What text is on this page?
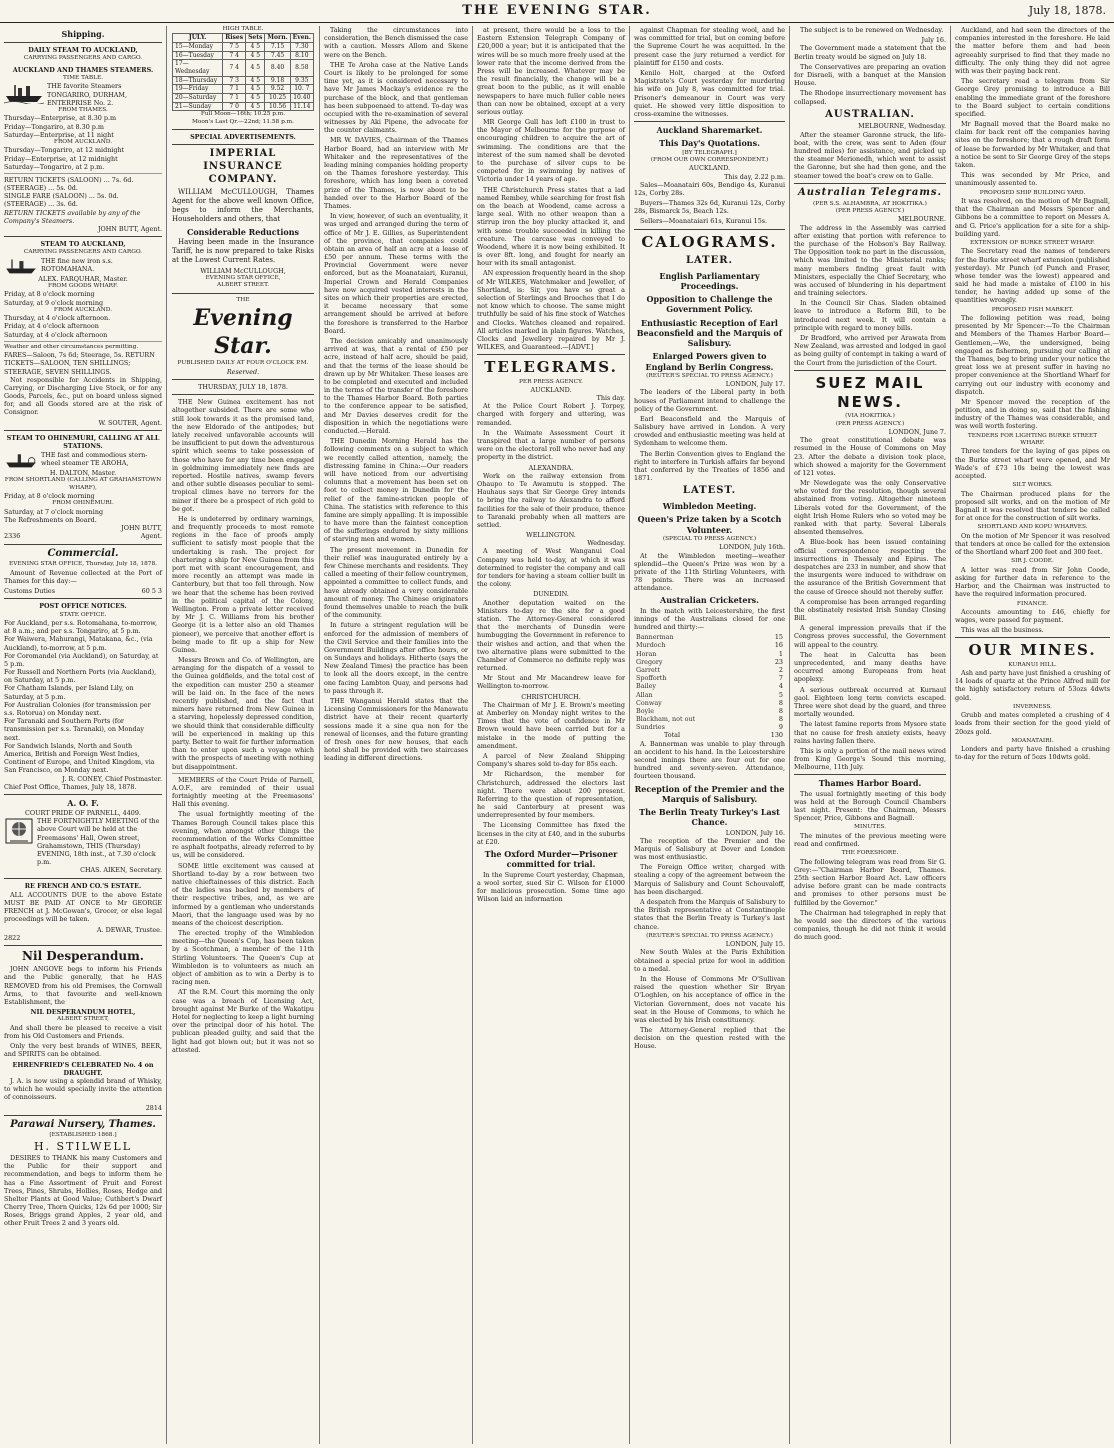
THE EVENING STAR.	July 18, 1878.
Shipping.
DAILY STEAM TO AUCKLAND,
CARRYING PASSENGERS AND CARGO.
AUCKLAND AND THAMES STEAMERS.
TIME TABLE.
THE favorite Steamers TONGARIRO, DURHAM, ENTERPRISE No. 2.
FROM THAMES.
Thursday—Enterprise, at 8.30 p.m
Friday—Tongariro, at 8.30 p.m
Saturday—Enterprise, at 11 night
FROM AUCKLAND.
Thursday—Tongariro, at 12 midnight
Friday—Enterprise, at 12 midnight
Saturday—Tongariro, at 2 p.m.
RETURN TICKETS (SALOON) ... 7s. 6d. (STEERAGE) ... 5s. 0d.
SINGLE FARE (SALOON) ... 5s. 0d. (STEERAGE) ... 3s. 6d.
RETURN TICKETS available by any of the Company's Steamers.
JOHN BUTT, Agent.
STEAM TO AUCKLAND,
CARRYING PASSENGERS AND CARGO.
THE fine new iron s.s. ROTOMAHANA.
ALEX. FARQUHAR, Master.
FROM GOODS WHARF.
Friday, at 8 o'clock morning
Saturday, at 9 o'clock morning
FROM AUCKLAND.
Thursday, at 4 o'clock afternoon.
Friday, at 4 o'clock afternoon
Saturday, at 4 o'clock afternoon
Weather and other circumstances permitting.
FARES—Saloon, 7s 6d; Steerage, 5s. RETURN TICKETS—SALOON, TEN SHILLINGS; STEERAGE, SEVEN SHILLINGS.

Not responsible for Accidents in Shipping, Carrying, or Discharging Live Stock, or for any Goods, Parcels, &c., put on board unless signed for, and all Goods stored are at the risk of Consignor.

W. SOUTER, Agent.
STEAM TO OHINEMURI, CALLING AT ALL STATIONS.
THE fast and commodious stern-wheel steamer TE AROHA,
H. DALTON, Master.
FROM SHORTLAND (CALLING AT GRAHAMSTOWN WHARF),
Friday, at 8 o'clock morning
FROM OHINEMURI.
Saturday, at 7 o'clock morning
The Refreshments on Board.
JOHN BUTT,
2336	Agent.
Commercial.
EVENING STAR OFFICE, Thursday, July 18, 1878.

Amount of Revenue collected at the Port of Thames for this day:—

Customs Duties	60 5 3
POST OFFICE NOTICES.
STATE OFFICE.
For Auckland, per s.s. Rotomahana, to-morrow, at 8 a.m.; and per s.s. Tongariro, at 5 p.m.
For Waiwera, Mahurangi, Matakana, &c., (via Auckland), to-morrow, at 5 p.m.
For Coromandel (via Auckland), on Saturday, at 5 p.m.
For Russell and Northern Ports (via Auckland), on Saturday, at 5 p.m.
For Chatham Islands, per Island Lily, on Saturday, at 5 p.m.
For Australian Colonies (for transmission per s.s. Rotorua) on Monday next.
For Taranaki and Southern Ports (for transmission per s.s. Taranaki), on Monday next.
For Sandwich Islands, North and South America, British and Foreign West Indies, Continent of Europe, and United Kingdom, via San Francisco, on Monday next.
J. R. CONEY, Chief Postmaster.
Chief Post Office, Thames, July 18, 1878.
A. O. F.
COURT PRIDE OF PARNELL, 4409.
THE FORTNIGHTLY MEETING of the above Court will be held at the Freemasons' Hall, Owen street, Grahamstown, THIS (Thursday) EVENING, 18th inst., at 7.30 o'clock p.m.
CHAS. AIKEN, Secretary.
RE FRENCH AND CO.'S ESTATE.

ALL ACCOUNTS DUE to the above Estate MUST BE PAID AT ONCE to Mr GEORGE FRENCH at J. McGowan's, Grocer, or else legal proceedings will be taken.

A. DEWAR, Trustee.
2822
Nil Desperandum.

JOHN ANGOVE begs to inform his Friends and the Public generally, that he HAS REMOVED from his old Premises, the Cornwall Arms, to that favourite and well-known Establishment, the

NIL DESPERANDUM HOTEL,
ALBERT STREET,

And shall there be pleased to receive a visit from his Old Customers and Friends.

Only the very best brands of WINES, BEER, and SPIRITS can be obtained.

EHRENFRIED'S CELEBRATED No. 4 on DRAUGHT.

J. A. is now using a splendid brand of Whisky, to which he would specially invite the attention of connoisseurs.

2814
Parawai Nursery, Thames.
[ESTABLISHED 1868.]
H. STILWELL

DESIRES to THANK his many Customers and the Public for their support and recommendation, and begs to inform them he has a Fine Assortment of Fruit and Forest Trees, Pines, Shrubs, Hollies, Roses, Hedge and Shelter Plants at Good Value; Cuthbert's Dwarf Cherry Tree, Thorn Quicks, 12s 6d per 1000; Sir Roses, Briggs grand Apples, 2 year old, and other Fruit Trees 2 and 3 years old.

HIGH TABLE.
JULY.	Rises	Sets	Morn.	Even.
15—Monday	7 5	4 5	7.15	7.30
16—Tuesday	7 4	4 5	7.45	8.10
17—Wednesday	7 4	4 5	8.40	8.58
18—Thursday	7 3	4 5	9.18	9.35
19—Friday	7 1	4 5	9.52	10. 7
20—Saturday	7 1	4 5	10.25	10.40
21—Sunday	7 0	4 5	10.56	11.14
Full Moon—16th; 10.25 p.m.
Moon's Last Qr.—22nd; 11.58 p.m.
SPECIAL ADVERTISEMENTS.
IMPERIAL INSURANCE COMPANY.

WILLIAM McCULLOUGH, Thames Agent for the above well known Office, begs to inform the Merchants, Householders and others, that

Considerable Reductions

Having been made in the Insurance Tariff, he is now prepared to take Risks at the Lowest Current Rates.

WILLIAM McCULLOUGH,
EVENING STAR OFFICE,
ALBERT STREET.
THE
Evening Star.
PUBLISHED DAILY AT FOUR O'CLOCK P.M.
Reserved.
THURSDAY, JULY 18, 1878.

THE New Guinea excitement has not altogether subsided. There are some who still look towards it as the promised land, the new Eldorado of the antipodes; but lately received unfavorable accounts will be insufficient to put down the adventurous spirit which seems to take possession of those who have for any time been engaged in goldmining immediately new finds are reported. Hostile natives, swamp fevers and other subtle diseases peculiar to semi-tropical climes have no terrors for the miner if there be a prospect of rich gold to be got.

He is undeterred by ordinary warnings, and frequently proceeds to most remote regions in the face of proofs amply sufficient to satisfy most people that the undertaking is rash. The project for chartering a ship for New Guinea from this port met with scant encouragement, and more recently an attempt was made in Canterbury, but that too fell through. Now we hear that the scheme has been revived in the political capital of the Colony, Wellington. From a private letter received by Mr J. C. Williams from his brother George (it is a letter also an old Thames pioneer), we perceive that another effort is being made to fit up a ship for New Guinea.

Messrs Brown and Co. of Wellington, are arranging for the dispatch of a vessel to the Guinea goldfields, and the total cost of the expedition can muster 250 a steamer will be laid on. In the face of the news recently published, and the fact that miners have returned from New Guinea in a starving, hopelessly depressed condition, we should think that considerable difficulty will be experienced in making up this party. Better to wait for further information than to enter upon such a voyage which with the prospects of meeting with nothing but disappointment.

MEMBERS of the Court Pride of Parnell, A.O.F., are reminded of their usual fortnightly meeting at the Freemasons' Hall this evening.

The usual fortnightly meeting of the Thames Borough Council takes place this evening, when amongst other things the recommendation of the Works Committee re asphalt footpaths, already referred to by us, will be considered.

SOME little excitement was caused at Shortland to-day by a row between two native chieftainesses of this district. Each of the ladies was backed by members of their respective tribes, and, as we are informed by a gentleman who understands Maori, that the language used was by no means of the choicest description.

The erected trophy of the Wimbledon meeting—the Queen's Cup, has been taken by a Scotchman, a member of the 11th Stirling Volunteers. The Queen's Cup at Wimbledon is to volunteers as much an object of ambition as to win a Derby is to racing men.

AT the R.M. Court this morning the only case was a breach of Licensing Act, brought against Mr Burke of the Wakatipu Hotel for neglecting to keep a light burning over the principal door of his hotel. The publican pleaded guilty, and said that the light had got blown out; but it was not so attested.

Taking the circumstances into consideration, the Bench dismissed the case with a caution. Messrs Allom and Skene were on the Bench.

THE Te Aroha case at the Native Lands Court is likely to be prolonged for some time yet, as it is considered necessary to have Mr James Mackay's evidence re the purchase of the block, and that gentleman has been subpoenaed to attend. To-day was occupied with the re-examination of several witnesses by Aki Pipene, the advocate for the counter claimants.

MR W. DAVIES, Chairman of the Thames Harbor Board, had an interview with Mr Whitaker and the representatives of the leading mining companies holding property on the Thames foreshore yesterday. This foreshore, which has long been a coveted prize of the Thames, is now about to be handed over to the Harbor Board of the Thames.

In view, however, of such an eventuality, it was urged and arranged during the term of office of Mr J. E. Gillies, as Superintendent of the province, that companies could obtain an area of half an acre at a lease of £50 per annum. These terms with the Provincial Government were never enforced, but as the Moanataiari, Kuranui, Imperial Crown and Herald Companies have now acquired vested interests in the sites on which their properties are erected, it became necessary that some arrangement should be arrived at before the foreshore is transferred to the Harbor Board.

The decision amicably and unanimously arrived at was, that a rental of £50 per acre, instead of half acre, should be paid, and that the terms of the lease should be drawn up by Mr Whitaker. These leases are to be completed and executed and included in the terms of the transfer of the foreshore to the Thames Harbor Board. Both parties to the conference appear to be satisfied, and Mr Davies deserves credit for the disposition in which the negotiations were conducted.—Herald.

THE Dunedin Morning Herald has the following comments on a subject to which we recently called attention, namely, the distressing famine in China:—Our readers will have noticed from our advertising columns that a movement has been set on foot to collect money in Dunedin for the relief of the famine-stricken people of China. The statistics with reference to this famine are simply appalling. It is impossible to have more than the faintest conception of the sufferings endured by sixty millions of starving men and women.

The present movement in Dunedin for their relief was inaugurated entirely by a few Chinese merchants and residents. They called a meeting of their fellow countrymen, appointed a committee to collect funds, and have already obtained a very considerable amount of money. The Chinese originators found themselves unable to reach the bulk of the community.

In future a stringent regulation will be enforced for the admission of members of the Civil Service and their families into the Government Buildings after office hours, or on Sundays and holidays. Hitherto (says the New Zealand Times) the practice has been to look all the doors except, in the centre one facing Lambton Quay, and persons had to pass through it.

THE Wanganui Herald states that the Licensing Commissioners for the Manawatu district have at their recent quarterly sessions made it a sine qua non for the renewal of licenses, and the future granting of fresh ones for new houses, that each hotel shall be provided with two staircases leading in different directions.

at present, there would be a loss to the Eastern Extension Telegraph Company of £20,000 a year; but it is anticipated that the wires will be so much more freely used at the lower rate that the income derived from the Press will be increased. Whatever may be the result financially, the change will be a great boon to the public, as it will enable newspapers to have much fuller cable news than can now be obtained, except at a very serious outlay.

MR George Gull has left £100 in trust to the Mayor of Melbourne for the purpose of encouraging children to acquire the art of swimming. The conditions are that the interest of the sum named shall be devoted to the purchase of silver cups to be competed for in swimming by natives of Victoria under 14 years of age.

THE Christchurch Press states that a lad named Rembey, while searching for frost fish on the beach at Woodend, came across a large seal. With no other weapon than a stirrup iron the boy plucky attacked it, and with some trouble succeeded in killing the creature. The carcase was conveyed to Woodend, where it is now being exhibited. It is over 8ft. long, and fought for nearly an hour with its small antagonist.

AN expression frequently heard in the shop of Mr WILKES, Watchmaker and Jeweller, of Shortland, is: Sir, you have so great a selection of Sterlings and Brooches that I do not know which to choose. The same might truthfully be said of his fine stock of Watches and Clocks. Watches cleaned and repaired. All articles marked in plain figures. Watches, Clocks and Jewellery repaired by Mr J. WILKES, and Guaranteed.—[ADVT.]

TELEGRAMS.
PER PRESS AGENCY.
AUCKLAND.
This day.

At the Police Court Robert J. Torpey, charged with forgery and uttering, was remanded.

In the Waimate Assessment Court it transpired that a large number of persons were on the electoral roll who never had any property in the district.

ALEXANDRA.

Work on the railway extension from Ohaupo to Te Awamutu is stopped. The Hauhaus says that Sir George Grey intends to bring the railway to Alexandra to afford facilities for the sale of their produce, thence to Taranaki probably when all matters are settled.

WELLINGTON.
Wednesday.

A meeting of West Wanganui Coal Company was held to-day, at which it was determined to register the company and call for tenders for having a steam collier built in the colony.

DUNEDIN.

Another deputation waited on the Ministers to-day re the site for a good station. The Attorney-General considered that the merchants of Dunedin were humbugging the Government in reference to their wishes and action, and that when the two alternative plans were submitted to the Chamber of Commerce no definite reply was returned.

Mr Stout and Mr Macandrew leave for Wellington to-morrow.

CHRISTCHURCH.

The Chairman of Mr J. E. Brown's meeting at Amberley on Monday night writes to the Times that the vote of confidence in Mr Brown would have been carried but for a mistake in the mode of putting the amendment.

A parcel of New Zealand Shipping Company's shares sold to-day for 85s each.

Mr Richardson, the member for Christchurch, addressed the electors last night. There were about 200 present. Referring to the question of representation, he said Canterbury at present was underrepresented by four members.

The Licensing Committee has fixed the licenses in the city at £40, and in the suburbs at £20.

The Oxford Murder—Prisoner committed for trial.

In the Supreme Court yesterday, Chapman, a wool sorter, sued Sir C. Wilson for £1000 for malicious prosecution. Some time ago Wilson laid an information

against Chapman for stealing wool, and he was committed for trial, but on coming before the Supreme Court he was acquitted. In the present case the jury returned a verdict for plaintiff for £150 and costs.

Kenilo Holt, charged at the Oxford Magistrate's Court yesterday for murdering his wife on July 8, was committed for trial. Prisoner's demeanour in Court was very quiet. He showed very little disposition to cross-examine the witnesses.

Auckland Sharemarket.
This Day's Quotations.
[BY TELEGRAPH.]
(FROM OUR OWN CORRESPONDENT.)
AUCKLAND.
This day, 2.22 p.m.

Sales—Moanatairi 60s, Bendigo 4s, Kuranui 12s, Corby 28s.

Buyers—Thames 32s 6d, Kuranui 12s, Corby 28s, Bismarck 5s, Beach 12s.

Sellers—Moanataiari 61s, Kuranui 15s.

CALOGRAMS.
LATER.
English Parliamentary Proceedings.
Opposition to Challenge the Government Policy.
Enthusiastic Reception of Earl Beaconsfield and the Marquis of Salisbury.
Enlarged Powers given to England by Berlin Congress.
(REUTER'S SPECIAL TO PRESS AGENCY.)
LONDON, July 17.

The leaders of the Liberal party in both houses of Parliament intend to challenge the policy of the Government.

Earl Beaconsfield and the Marquis of Salisbury have arrived in London. A very crowded and enthusiastic meeting was held at Sydenham to welcome them.

The Berlin Convention gives to England the right to interfere in Turkish affairs far beyond that conferred by the Treaties of 1856 and 1871.

LATEST.
Wimbledon Meeting.
Queen's Prize taken by a Scotch Volunteer.
(SPECIAL TO PRESS AGENCY.)
LONDON, July 16th.

At the Wimbledon meeting—weather splendid—the Queen's Prize was won by a private of the 11th Stirling Volunteers, with 78 points. There was an increased attendance.

Australian Cricketers.

In the match with Leicestershire, the first innings of the Australians closed for one hundred and thirty:—

Bannerman	15
Murdoch	16
Horan	1
Gregory	23
Garrett	2
Spofforth	7
Bailey	4
Allan	5
Conway	8
Boyle	8
Blackham, not out	8
Sundries	9
Total	130

A. Bannerman was unable to play through an accident to his hand. In the Leicestershire second innings there are four out for one hundred and seventy-seven. Attendance, fourteen thousand.

Reception of the Premier and the Marquis of Salisbury.
The Berlin Treaty Turkey's Last Chance.
LONDON, July 16.

The reception of the Premier and the Marquis of Salisbury at Dover and London was most enthusiastic.

The Foreign Office writer, charged with stealing a copy of the agreement between the Marquis of Salisbury and Count Schouvaloff, has been discharged.

A despatch from the Marquis of Salisbury to the British representative at Constantinople states that the Berlin Treaty is Turkey's last chance.

(REUTER'S SPECIAL TO PRESS AGENCY.)
LONDON, July 15.

New South Wales at the Paris Exhibition obtained a special prize for wool in addition to a medal.

In the House of Commons Mr O'Sullivan raised the question whether Sir Bryan O'Loghlen, on his acceptance of office in the Victorian Government, does not vacate his seat in the House of Commons, to which he was elected by his Irish constituency.

The Attorney-General replied that the decision on the question rested with the House.

The subject is to be renewed on Wednesday.

July 16.

The Government made a statement that the Berlin treaty would be signed on July 18.

The Conservatives are preparing an ovation for Disraeli, with a banquet at the Mansion House.

The Rhodope insurrectionary movement has collapsed.

AUSTRALIAN.
MELBOURNE, Wednesday.

After the steamer Garonne struck, the life-boat, with the crew, was sent to Aden (four hundred miles) for assistance, and picked up the steamer Merionedh, which went to assist the Garonne, but she had then gone, and the steamer towed the boat's crew on to Galle.

Australian Telegrams.
(PER S.S. ALHAMBRA, AT HOKITIKA.)
(PER PRESS AGENCY.)
MELBOURNE.

The address in the Assembly was carried after existing that portion with reference to the purchase of the Hobson's Bay Railway. The Opposition took no part in the discussion, which was limited to the Ministerial ranks; many members finding great fault with Ministers, especially the Chief Secretary, who was accused of blundering in his department and training selectors.

In the Council Sir Chas. Sladen obtained leave to introduce a Reform Bill, to be introduced next week. It will contain a principle with regard to money bills.

Dr Bradford, who arrived per Arawata from New Zealand, was arrested and lodged in gaol as being guilty of contempt in taking a ward of the Court from the jurisdiction of the Court.

SUEZ MAIL NEWS.
(VIA HOKITIKA.)
(PER PRESS AGENCY.)
LONDON, June 7.

The great constitutional debate was resumed in the House of Commons on May 23. After the debate a division took place, which showed a majority for the Government of 121 votes.

Mr Newdegate was the only Conservative who voted for the resolution, though several abstained from voting. Altogether nineteen Liberals voted for the Government, of the eight Irish Home Rulers who so voted may be ranked with that party. Several Liberals absented themselves.

A Blue-book has been issued containing official correspondence respecting the insurrections in Thessaly and Epirus. The despatches are 233 in number, and show that the insurgents were induced to withdraw on the assurance of the British Government that the cause of Greece should not thereby suffer.

A compromise has been arranged regarding the obstinately resisted Irish Sunday Closing Bill.

A general impression prevails that if the Congress proves successful, the Government will appeal to the country.

The heat in Calcutta has been unprecedented, and many deaths have occurred among Europeans from heat apoplexy.

A serious outbreak occurred at Kurnaul gaol. Eighteen long term convicts escaped. Three were shot dead by the guard, and three mortally wounded.

The latest famine reports from Mysore state that no cause for fresh anxiety exists, heavy rains having fallen there.

This is only a portion of the mail news wired from King George's Sound this morning, Melbourne, 11th July.

Thames Harbor Board.

The usual fortnightly meeting of this body was held at the Borough Council Chambers last night. Present: the Chairman, Messrs Spencer, Price, Gibbons and Bagnall.

MINUTES.

The minutes of the previous meeting were read and confirmed.

THE FORESHORE.

The following telegram was read from Sir G. Grey:—"Chairman Harbor Board, Thames. 25th section Harbor Board Act. Law officers advise before grant can be made contracts and promises to other persons must be fulfilled by the Governor."

The Chairman had telegraphed in reply that he would see the directors of the various companies, though he did not think it would do much good.

Auckland, and had seen the directors of the companies interested in the foreshore. He laid the matter before them and had been agreeably surprised to find that they made no difficulty. The only thing they did not agree with was their paying back rent.

The secretary read a telegram from Sir George Grey promising to introduce a Bill enabling the immediate grant of the foreshore to the Board subject to certain conditions specified.

Mr Bagnall moved that the Board make no claim for back rent off the companies having sites on the foreshore; that a rough draft form of lease be forwarded by Mr Whitaker, and that a notice be sent to Sir George Grey of the steps taken.

This was seconded by Mr Price, and unanimously assented to.

PROPOSED SHIP BUILDING YARD.

It was resolved, on the motion of Mr Bagnall, that the Chairman and Messrs Spencer and Gibbons be a committee to report on Messrs A. and G. Price's application for a site for a ship-building yard.

EXTENSION OF BURKE STREET WHARF.

The Secretary read the names of tenderers for the Burke street wharf extension (published yesterday). Mr Punch (of Punch and Fraser, whose tender was the lowest) appeared and said he had made a mistake of £100 in his tender, he having added up some of the quantities wrongly.

PROPOSED FISH MARKET.

The following petition was read, being presented by Mr Spencer:—To the Chairman and Members of the Thames Harbor Board—Gentlemen,—We, the undersigned, being engaged as fishermen, pursuing our calling at the Thames, beg to bring under your notice the great loss we at present suffer in having no proper convenience at the Shortland Wharf for carrying out our industry with economy and dispatch.

Mr Spencer moved the reception of the petition, and in doing so, said that the fishing industry of the Thames was considerable, and was well worth fostering.

TENDERS FOR LIGHTING BURKE STREET WHARF.

Three tenders for the laying of gas pipes on the Burke street wharf were opened, and Mr Wade's of £73 10s being the lowest was accepted.

SILT WORKS.

The Chairman produced plans for the proposed silt works, and on the motion of Mr Bagnall it was resolved that tenders be called for at once for the construction of silt works.

SHORTLAND AND KOPU WHARVES.

On the motion of Mr Spencer it was resolved that tenders at once be called for the extension of the Shortland wharf 200 feet and 300 feet.

SIR J. COODE.

A letter was read from Sir John Coode, asking for further data in reference to the Harbor, and the Chairman was instructed to have the required information procured.

FINANCE.

Accounts amounting to £46, chiefly for wages, were passed for payment.

This was all the business.

OUR MINES.
KURANUI HILL.

Ash and party have just finished a crushing of 14 loads of quartz at the Prince Alfred mill for the highly satisfactory return of 53ozs 4dwts gold.

INVERNESS.

Grubb and mates completed a crushing of 4 loads from their section for the good yield of 20ozs gold.

MOANATAIRI.

Londers and party have finished a crushing to-day for the return of 5ozs 10dwts gold.
